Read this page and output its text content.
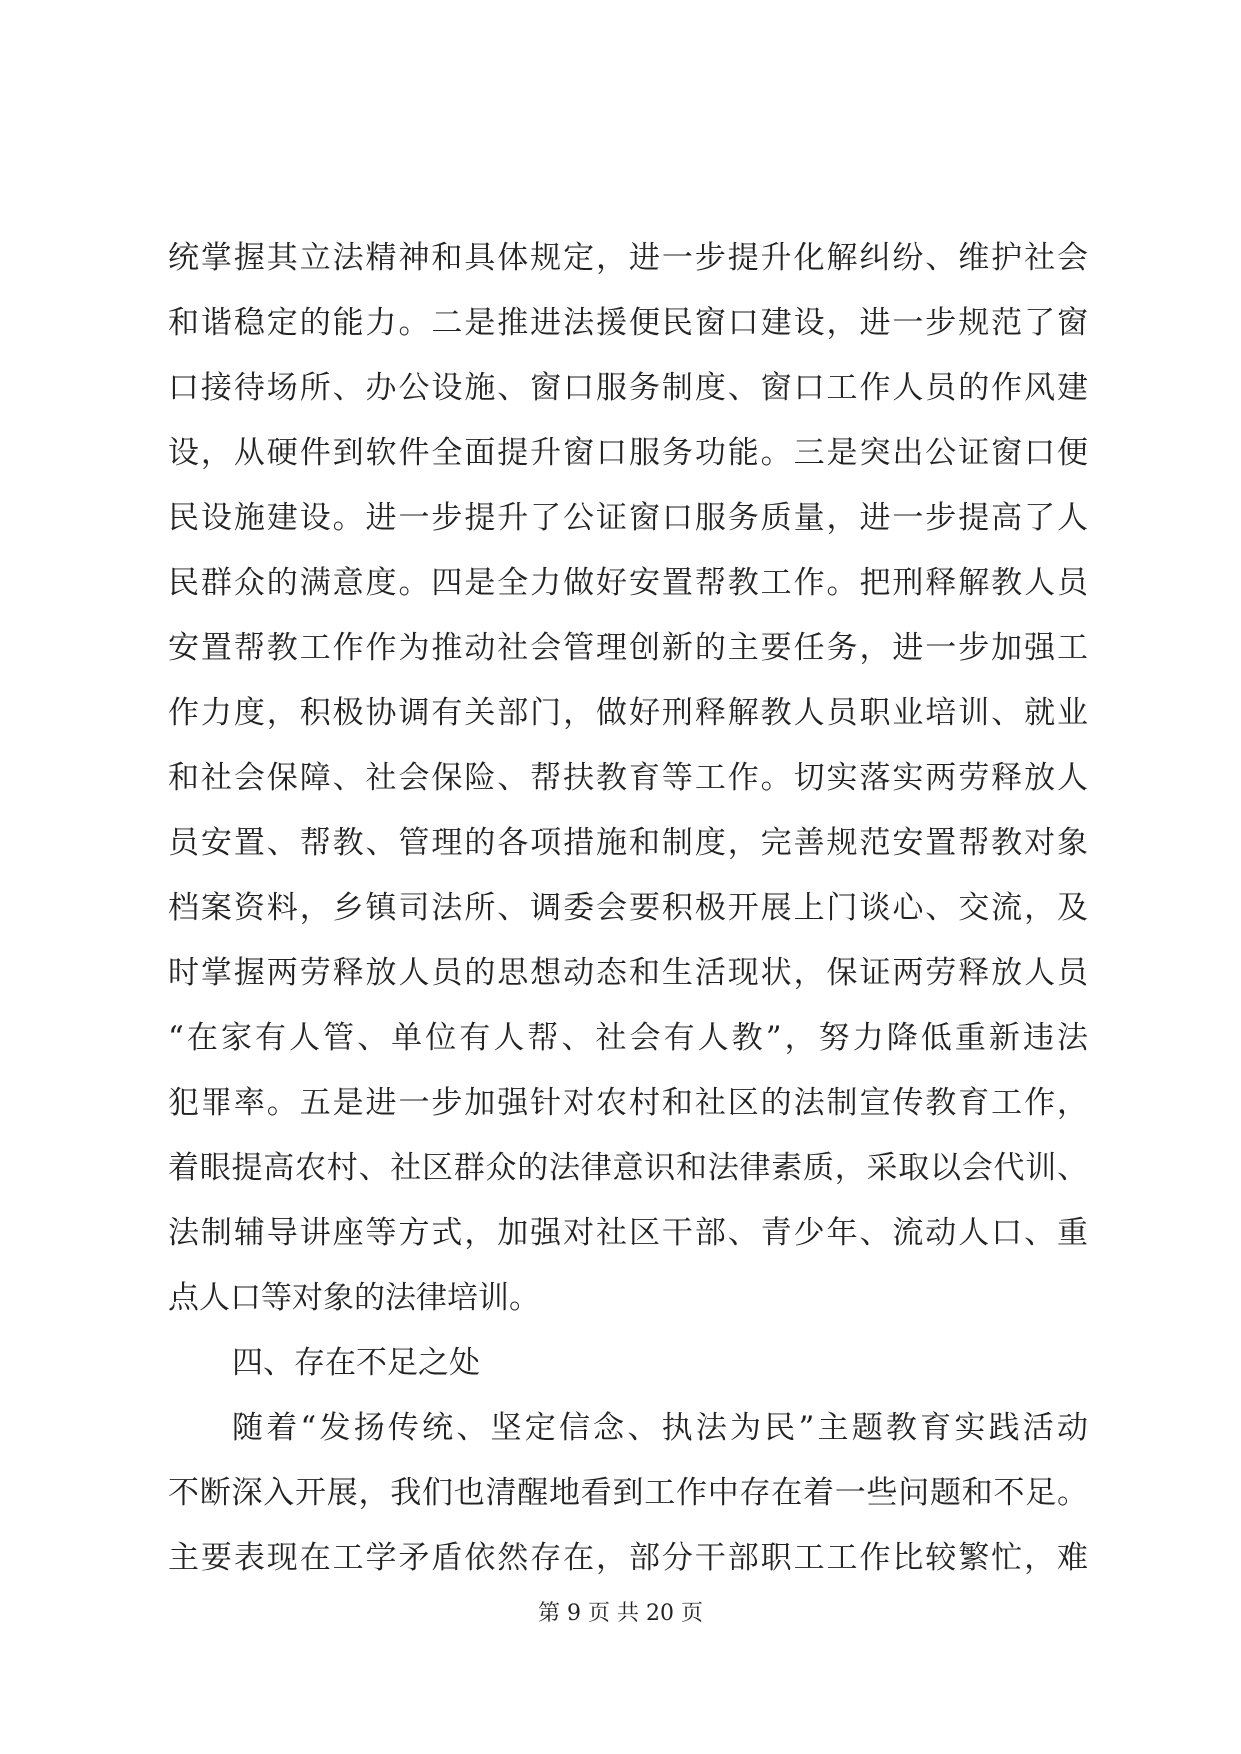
统掌握其立法精神和具体规定，进一步提升化解纠纷、维护社会
和谐稳定的能力。二是推进法援便民窗口建设，进一步规范了窗
口接待场所、办公设施、窗口服务制度、窗口工作人员的作风建
设，从硬件到软件全面提升窗口服务功能。三是突出公证窗口便
民设施建设。进一步提升了公证窗口服务质量，进一步提高了人
民群众的满意度。四是全力做好安置帮教工作。把刑释解教人员
安置帮教工作作为推动社会管理创新的主要任务，进一步加强工
作力度，积极协调有关部门，做好刑释解教人员职业培训、就业
和社会保障、社会保险、帮扶教育等工作。切实落实两劳释放人
员安置、帮教、管理的各项措施和制度，完善规范安置帮教对象
档案资料，乡镇司法所、调委会要积极开展上门谈心、交流，及
时掌握两劳释放人员的思想动态和生活现状，保证两劳释放人员
“在家有人管、单位有人帮、社会有人教”，努力降低重新违法
犯罪率。五是进一步加强针对农村和社区的法制宣传教育工作，
着眼提高农村、社区群众的法律意识和法律素质，采取以会代训、
法制辅导讲座等方式，加强对社区干部、青少年、流动人口、重
点人口等对象的法律培训。
四、存在不足之处
随着“发扬传统、坚定信念、执法为民”主题教育实践活动
不断深入开展，我们也清醒地看到工作中存在着一些问题和不足。
主要表现在工学矛盾依然存在，部分干部职工工作比较繁忙，难
第 9 页 共 20 页
